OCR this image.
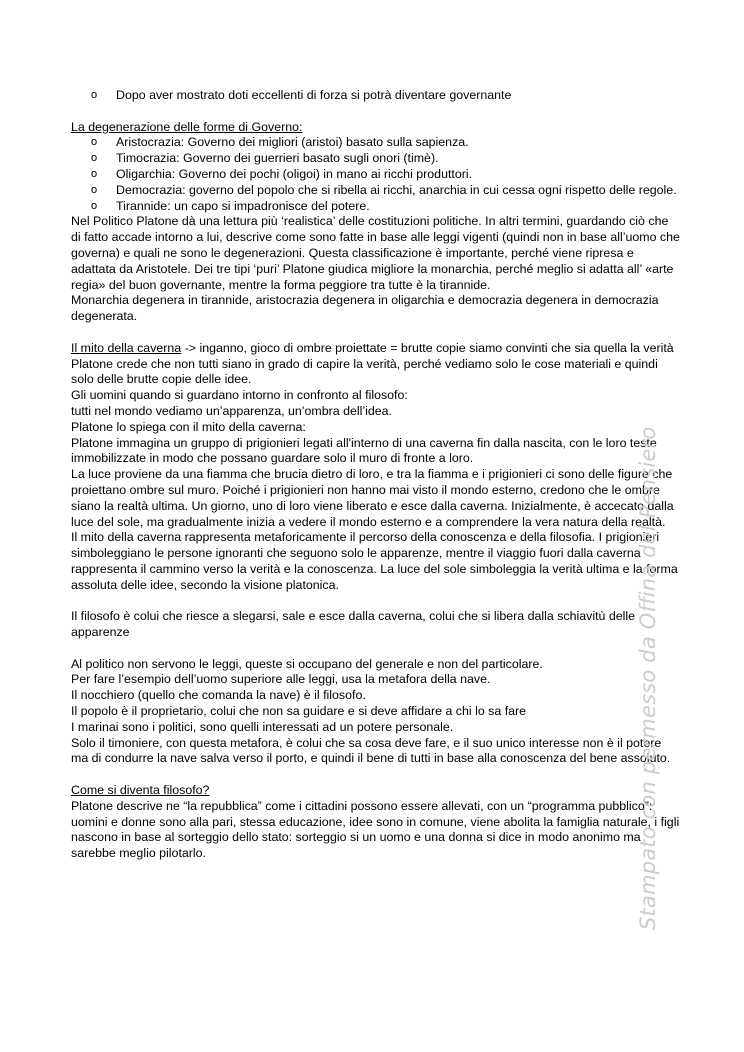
o	Dopo aver mostrato doti eccellenti di forza si potrà diventare governante

La degenerazione delle forme di Governo:

o	Aristocrazia: Governo dei migliori (aristoi) basato sulla sapienza.
o	Timocrazia: Governo dei guerrieri basato sugli onori (timè).
o	Oligarchia: Governo dei pochi (oligoi) in mano ai ricchi produttori.
o	Democrazia: governo del popolo che si ribella ai ricchi, anarchia in cui cessa ogni rispetto delle regole.
o	Tirannide: un capo si impadronisce del potere.

Nel Politico Platone dà una lettura più ‘realistica’ delle costituzioni politiche. In altri termini, guardando ciò che di fatto accade intorno a lui, descrive come sono fatte in base alle leggi vigenti (quindi non in base all’uomo che governa) e quali ne sono le degenerazioni. Questa classificazione è importante, perché viene ripresa e adattata da Aristotele. Dei tre tipi ‘puri’ Platone giudica migliore la monarchia, perché meglio si adatta all’ «arte regia» del buon governante, mentre la forma peggiore tra tutte è la tirannide.

Monarchia degenera in tirannide, aristocrazia degenera in oligarchia e democrazia degenera in democrazia degenerata.

Il mito della caverna -> inganno, gioco di ombre proiettate = brutte copie siamo convinti che sia quella la verità

Platone crede che non tutti siano in grado di capire la verità, perché vediamo solo le cose materiali e quindi solo delle brutte copie delle idee.

Gli uomini quando si guardano intorno in confronto al filosofo:

tutti nel mondo vediamo un’apparenza, un’ombra dell’idea.

Platone lo spiega con il mito della caverna:

Platone immagina un gruppo di prigionieri legati all'interno di una caverna fin dalla nascita, con le loro teste immobilizzate in modo che possano guardare solo il muro di fronte a loro.

La luce proviene da una fiamma che brucia dietro di loro, e tra la fiamma e i prigionieri ci sono delle figure che proiettano ombre sul muro. Poiché i prigionieri non hanno mai visto il mondo esterno, credono che le ombre siano la realtà ultima. Un giorno, uno di loro viene liberato e esce dalla caverna. Inizialmente, è accecato dalla luce del sole, ma gradualmente inizia a vedere il mondo esterno e a comprendere la vera natura della realtà.

Il mito della caverna rappresenta metaforicamente il percorso della conoscenza e della filosofia. I prigionieri simboleggiano le persone ignoranti che seguono solo le apparenze, mentre il viaggio fuori dalla caverna rappresenta il cammino verso la verità e la conoscenza. La luce del sole simboleggia la verità ultima e la forma assoluta delle idee, secondo la visione platonica.

Il filosofo è colui che riesce a slegarsi, sale e esce dalla caverna, colui che si libera dalla schiavitù delle apparenze

Al politico non servono le leggi, queste si occupano del generale e non del particolare.

Per fare l’esempio dell’uomo superiore alle leggi, usa la metafora della nave.

Il nocchiero (quello che comanda la nave) è il filosofo.

Il popolo è il proprietario, colui che non sa guidare e si deve affidare a chi lo sa fare

I marinai sono i politici, sono quelli interessati ad un potere personale.

Solo il timoniere, con questa metafora, è colui che sa cosa deve fare, e il suo unico interesse non è il potere ma di condurre la nave salva verso il porto, e quindi il bene di tutti in base alla conoscenza del bene assoluto.

Come si diventa filosofo?

Platone descrive ne “la repubblica” come i cittadini possono essere allevati, con un “programma pubblico”: uomini e donne sono alla pari, stessa educazione, idee sono in comune, viene abolita la famiglia naturale, i figli nascono in base al sorteggio dello stato: sorteggio si un uomo e una donna si dice in modo anonimo ma sarebbe meglio pilotarlo.	Stampato con permesso da Offina del Pensiero
